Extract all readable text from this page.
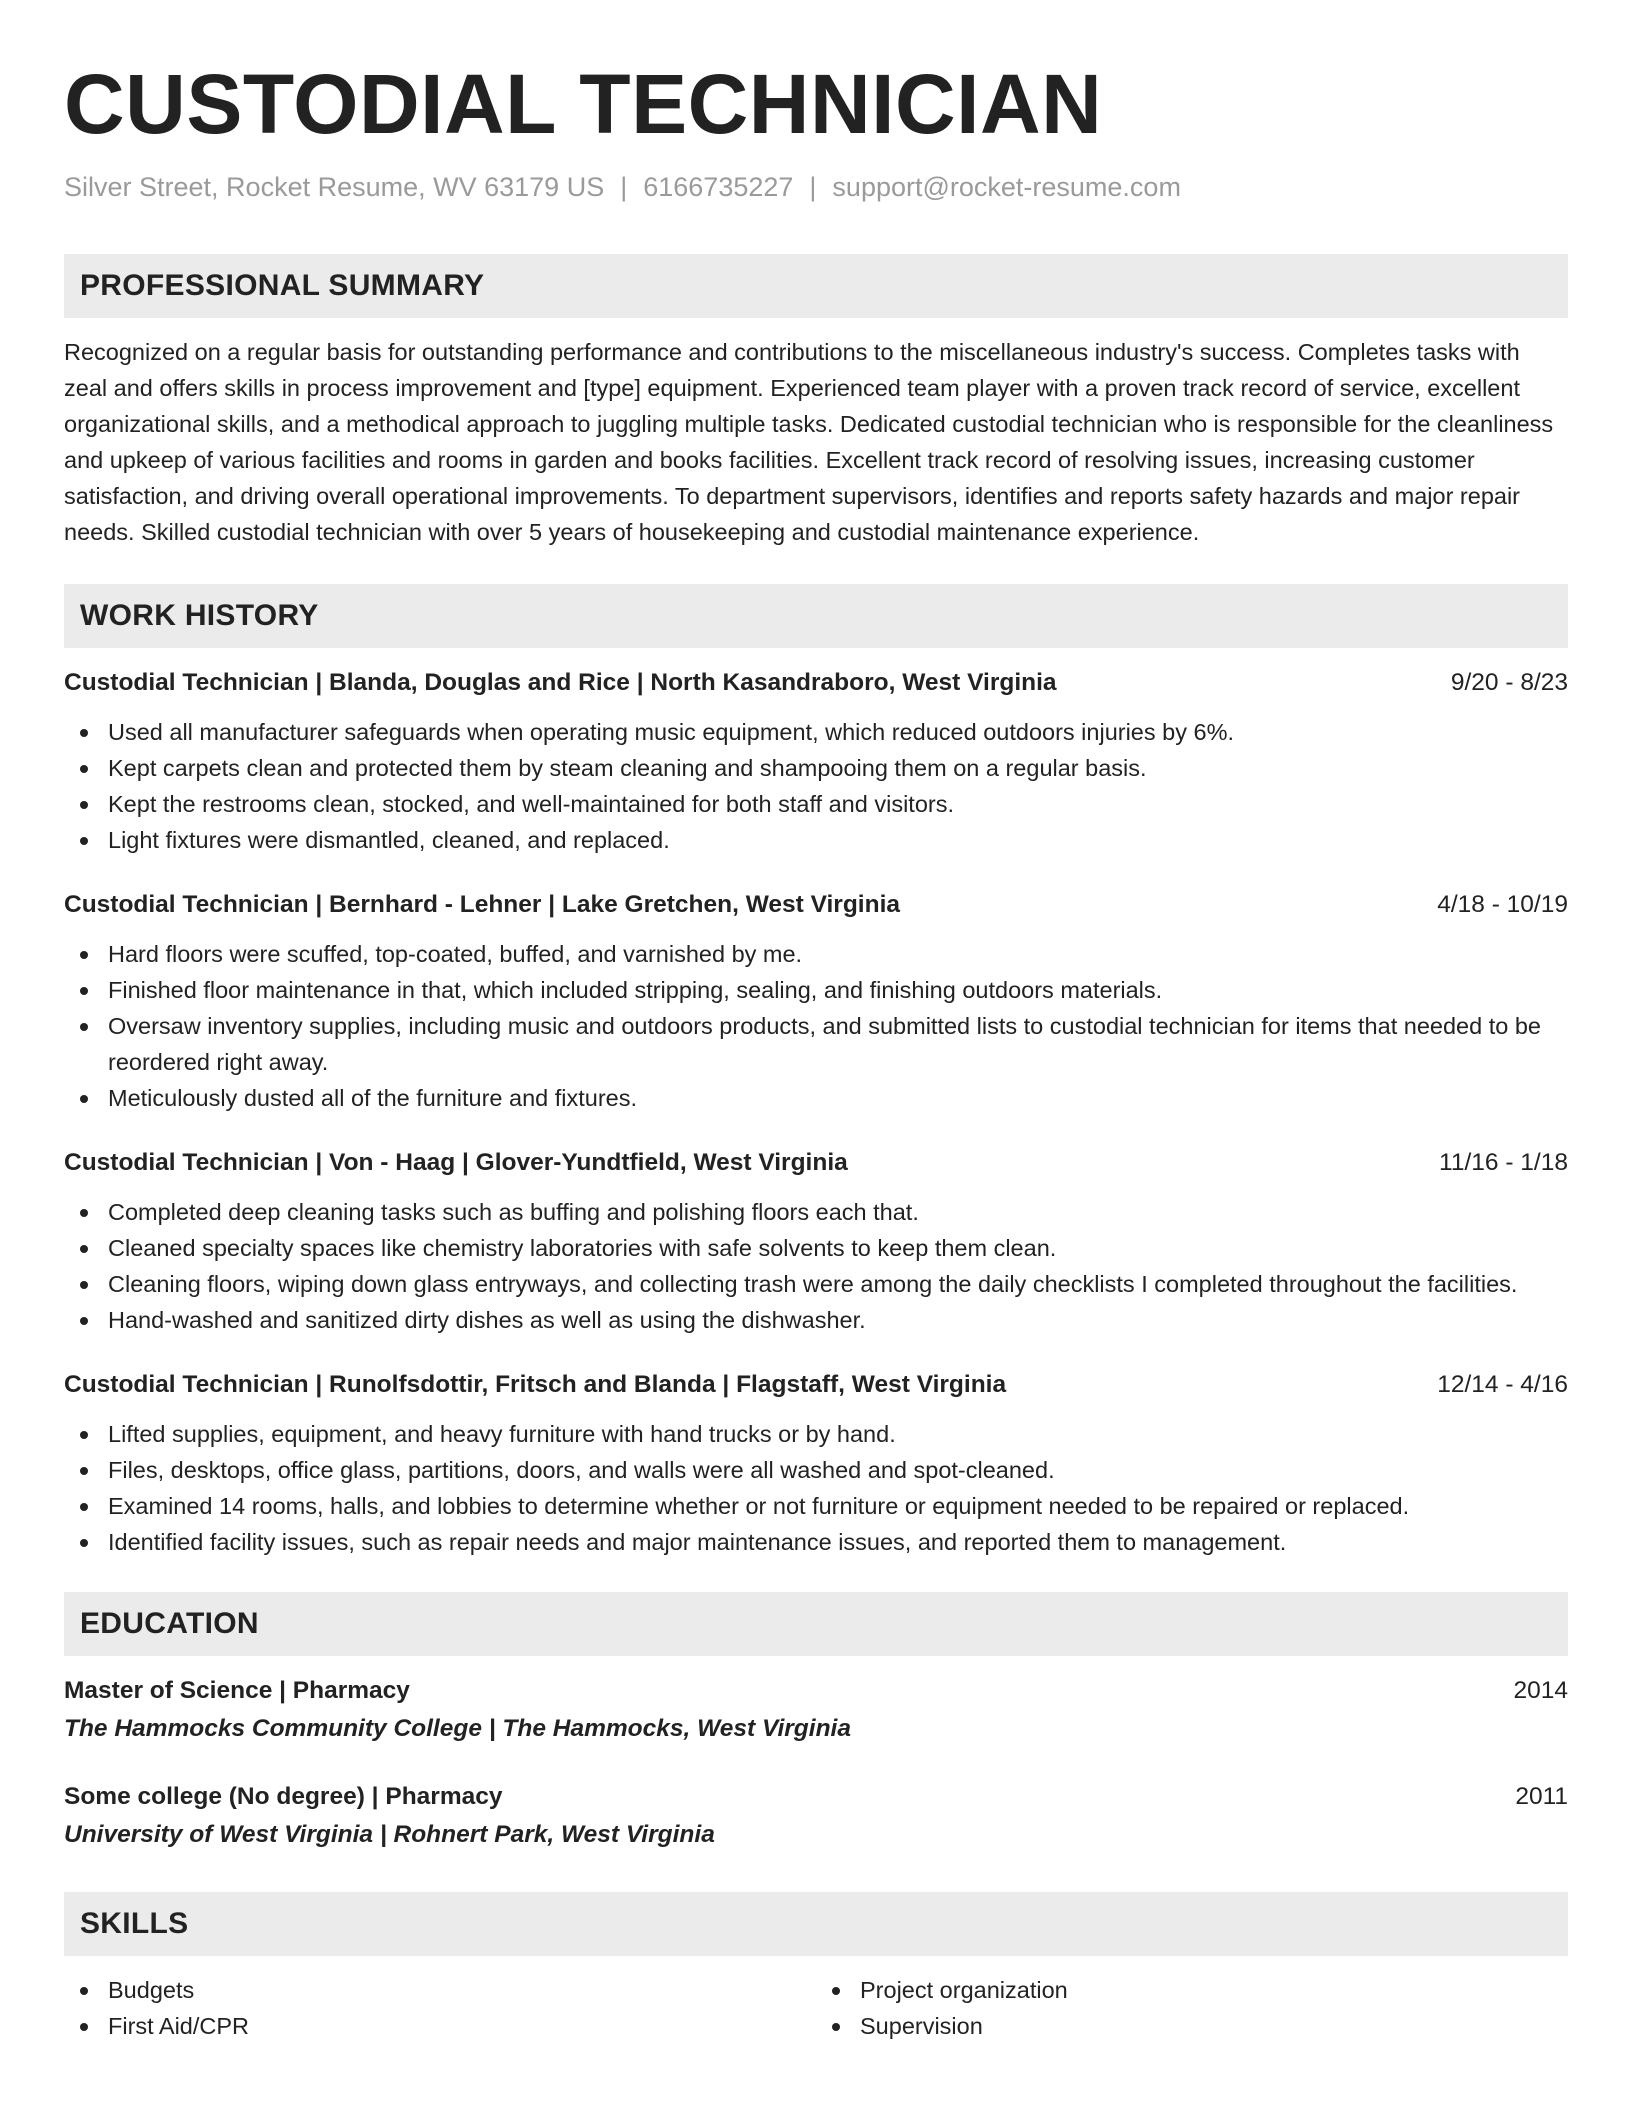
CUSTODIAL TECHNICIAN
Silver Street, Rocket Resume, WV 63179 US | 6166735227 | support@rocket-resume.com
PROFESSIONAL SUMMARY

Recognized on a regular basis for outstanding performance and contributions to the miscellaneous industry's success. Completes tasks with zeal and offers skills in process improvement and [type] equipment. Experienced team player with a proven track record of service, excellent organizational skills, and a methodical approach to juggling multiple tasks. Dedicated custodial technician who is responsible for the cleanliness and upkeep of various facilities and rooms in garden and books facilities. Excellent track record of resolving issues, increasing customer satisfaction, and driving overall operational improvements. To department supervisors, identifies and reports safety hazards and major repair needs. Skilled custodial technician with over 5 years of housekeeping and custodial maintenance experience.

WORK HISTORY
Custodial Technician | Blanda, Douglas and Rice | North Kasandraboro, West Virginia	9/20 - 8/23
Used all manufacturer safeguards when operating music equipment, which reduced outdoors injuries by 6%.
Kept carpets clean and protected them by steam cleaning and shampooing them on a regular basis.
Kept the restrooms clean, stocked, and well-maintained for both staff and visitors.
Light fixtures were dismantled, cleaned, and replaced.
Custodial Technician | Bernhard - Lehner | Lake Gretchen, West Virginia	4/18 - 10/19
Hard floors were scuffed, top-coated, buffed, and varnished by me.
Finished floor maintenance in that, which included stripping, sealing, and finishing outdoors materials.
Oversaw inventory supplies, including music and outdoors products, and submitted lists to custodial technician for items that needed to be reordered right away.
Meticulously dusted all of the furniture and fixtures.
Custodial Technician | Von - Haag | Glover-Yundtfield, West Virginia	11/16 - 1/18
Completed deep cleaning tasks such as buffing and polishing floors each that.
Cleaned specialty spaces like chemistry laboratories with safe solvents to keep them clean.
Cleaning floors, wiping down glass entryways, and collecting trash were among the daily checklists I completed throughout the facilities.
Hand-washed and sanitized dirty dishes as well as using the dishwasher.
Custodial Technician | Runolfsdottir, Fritsch and Blanda | Flagstaff, West Virginia	12/14 - 4/16
Lifted supplies, equipment, and heavy furniture with hand trucks or by hand.
Files, desktops, office glass, partitions, doors, and walls were all washed and spot-cleaned.
Examined 14 rooms, halls, and lobbies to determine whether or not furniture or equipment needed to be repaired or replaced.
Identified facility issues, such as repair needs and major maintenance issues, and reported them to management.
EDUCATION
Master of Science | Pharmacy	2014
The Hammocks Community College | The Hammocks, West Virginia
Some college (No degree) | Pharmacy	2011
University of West Virginia | Rohnert Park, West Virginia
SKILLS
Budgets
First Aid/CPR
Project organization
Supervision
